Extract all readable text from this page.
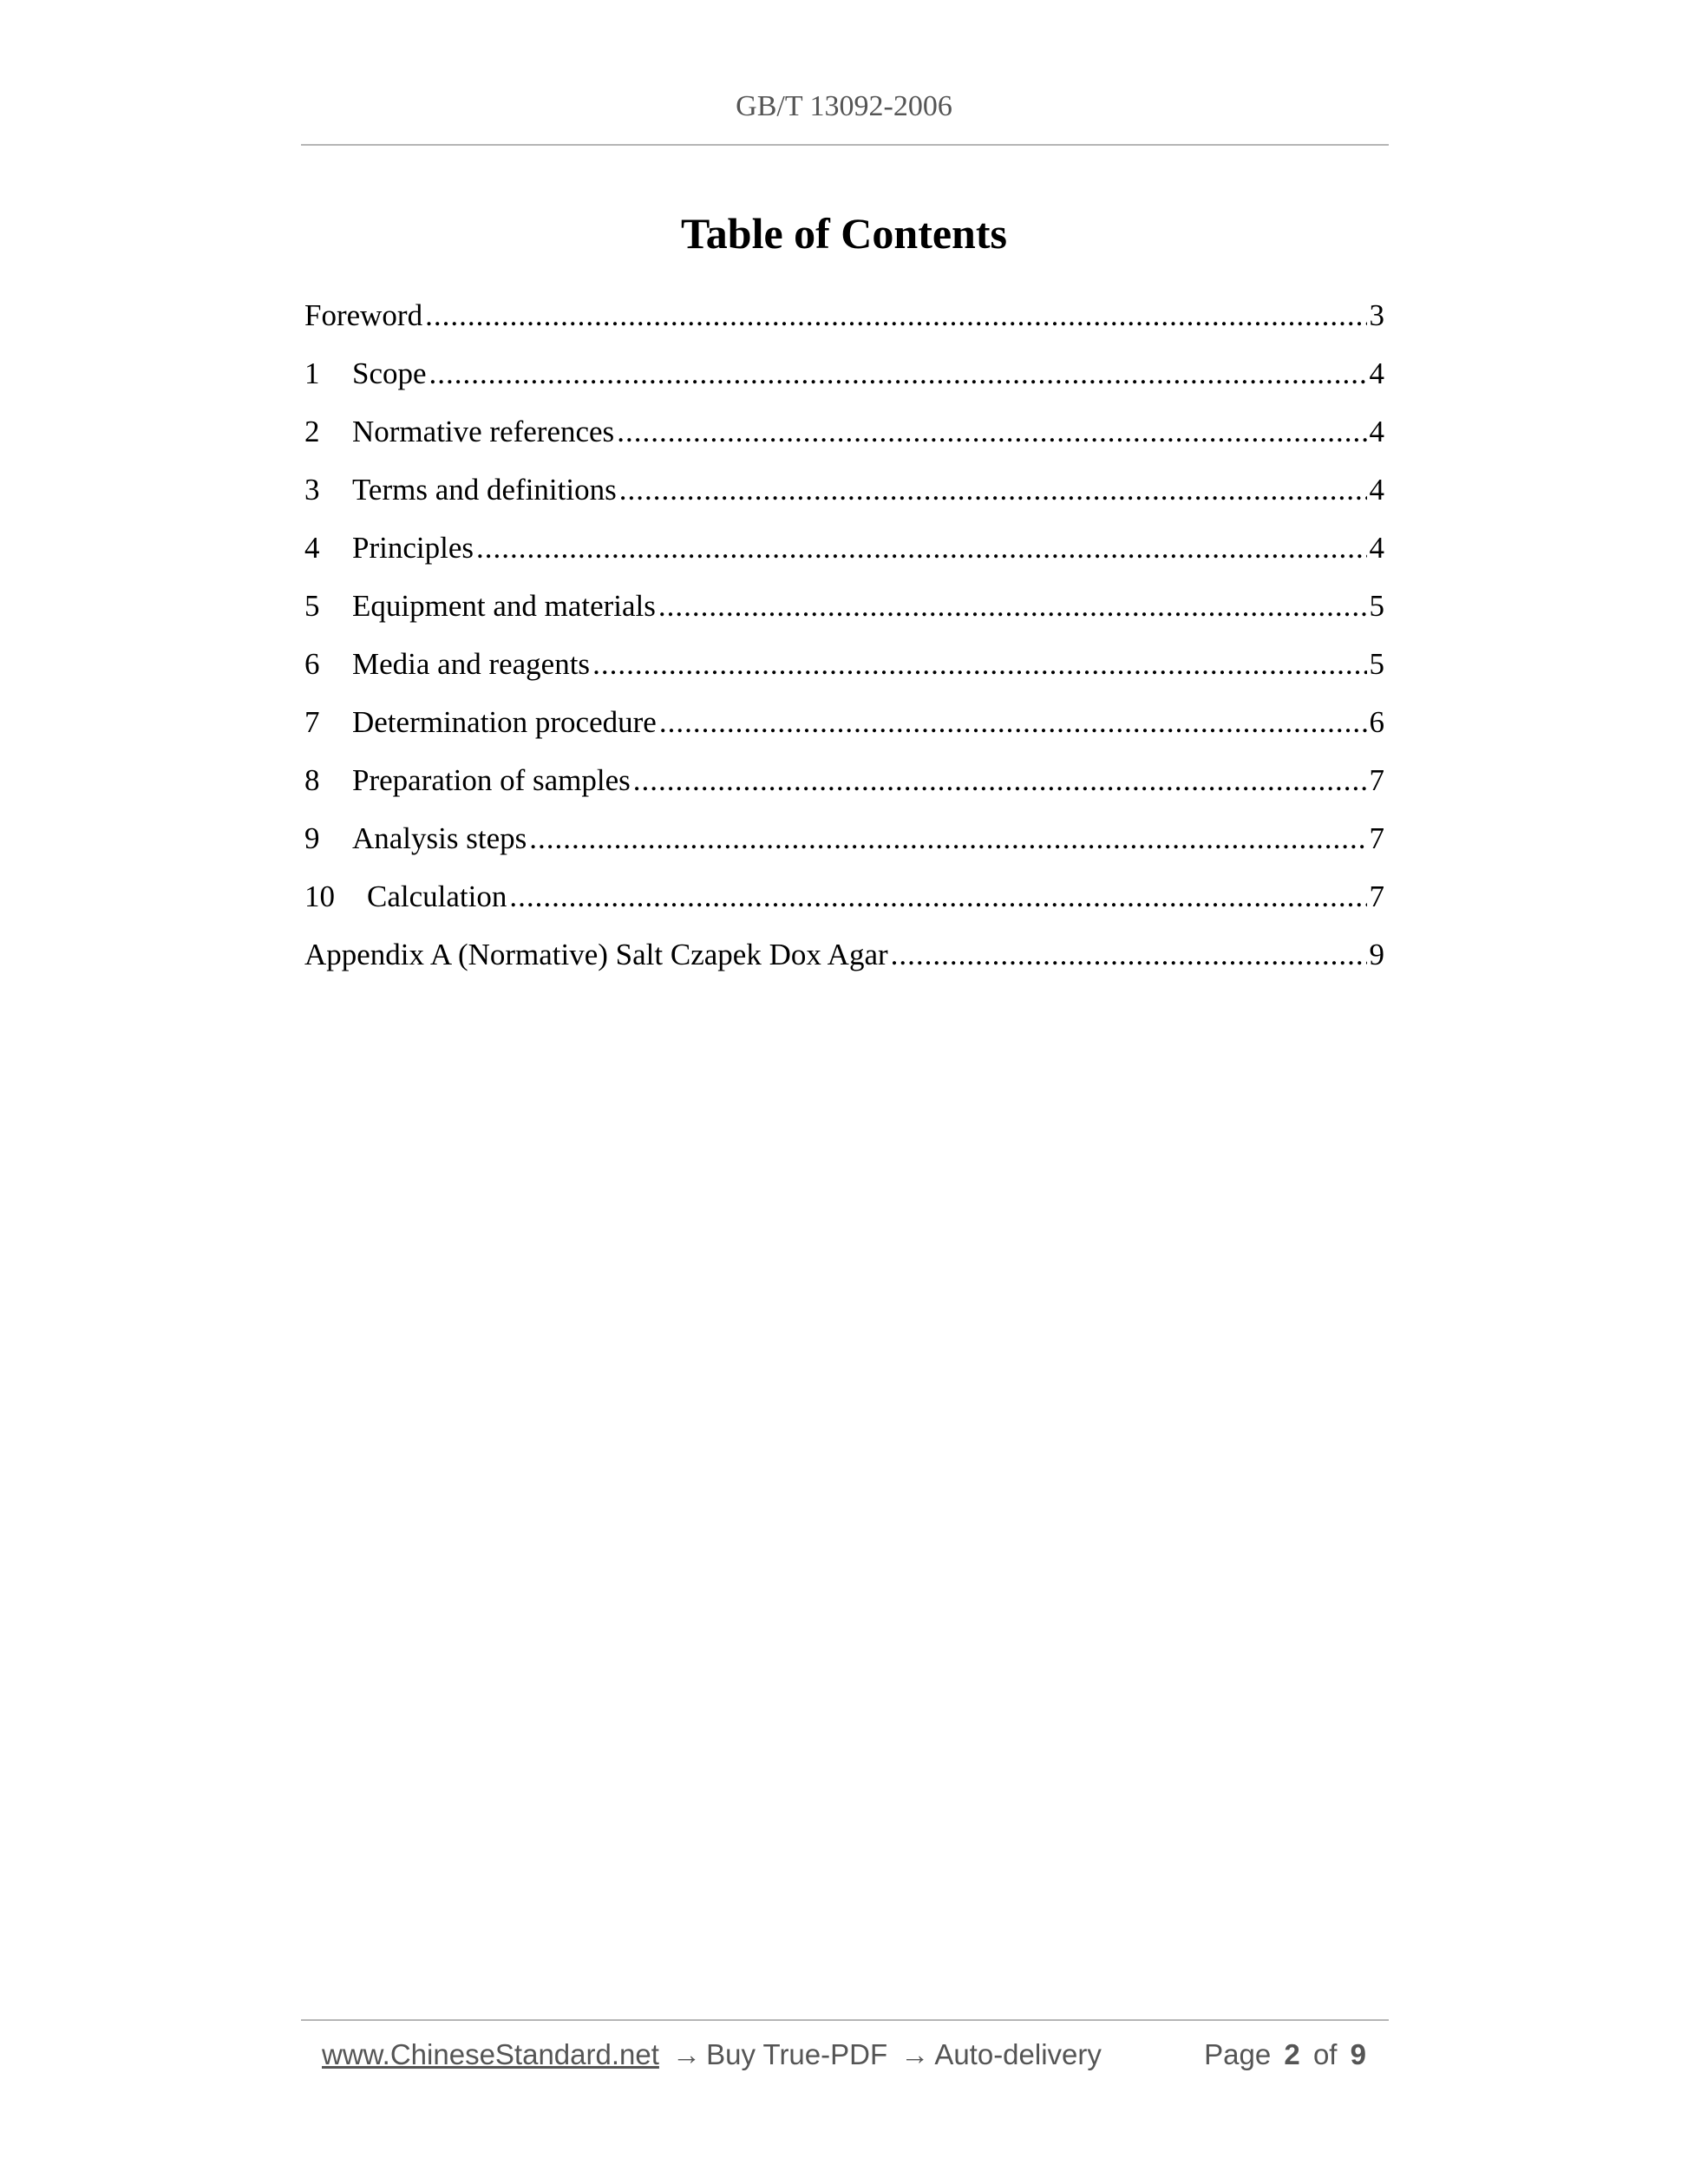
GB/T 13092-2006
Table of Contents
Foreword .....	3
1	Scope .....	4
2	Normative references .....	4
3	Terms and definitions .....	4
4	Principles .....	4
5	Equipment and materials .....	5
6	Media and reagents .....	5
7	Determination procedure .....	6
8	Preparation of samples .....	7
9	Analysis steps .....	7
10	Calculation .....	7
Appendix A (Normative) Salt Czapek Dox Agar .....	9
www.ChineseStandard.net → Buy True-PDF → Auto-delivery	Page 2 of 9
